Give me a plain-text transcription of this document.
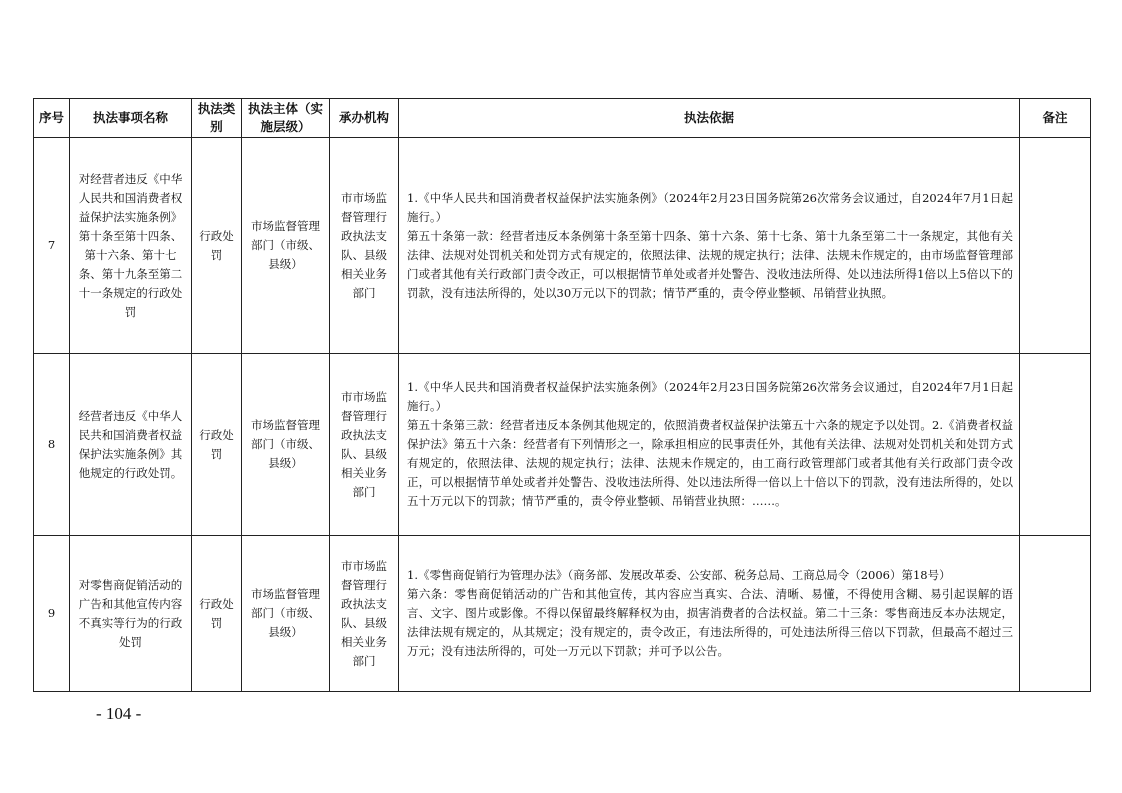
序号	执法事项名称	执法类别	执法主体（实施层级）	承办机构	执法依据	备注

7	对经营者违反《中华人民共和国消费者权益保护法实施条例》第十条至第十四条、第十六条、第十七条、第十九条至第二十一条规定的行政处罚	行政处罚	市场监督管理部门（市级、县级）	市市场监督管理行政执法支队、县级相关业务部门	1.《中华人民共和国消费者权益保护法实施条例》（2024年2月23日国务院第26次常务会议通过，自2024年7月1日起施行。）
第五十条第一款：经营者违反本条例第十条至第十四条、第十六条、第十七条、第十九条至第二十一条规定，其他有关法律、法规对处罚机关和处罚方式有规定的，依照法律、法规的规定执行；法律、法规未作规定的，由市场监督管理部门或者其他有关行政部门责令改正，可以根据情节单处或者并处警告、没收违法所得、处以违法所得1倍以上5倍以下的罚款，没有违法所得的，处以30万元以下的罚款；情节严重的，责令停业整顿、吊销营业执照。	

8	经营者违反《中华人民共和国消费者权益保护法实施条例》其他规定的行政处罚。	行政处罚	市场监督管理部门（市级、县级）	市市场监督管理行政执法支队、县级相关业务部门	1.《中华人民共和国消费者权益保护法实施条例》（2024年2月23日国务院第26次常务会议通过，自2024年7月1日起施行。）
第五十条第三款：经营者违反本条例其他规定的，依照消费者权益保护法第五十六条的规定予以处罚。2.《消费者权益保护法》第五十六条：经营者有下列情形之一，除承担相应的民事责任外，其他有关法律、法规对处罚机关和处罚方式有规定的，依照法律、法规的规定执行；法律、法规未作规定的，由工商行政管理部门或者其他有关行政部门责令改正，可以根据情节单处或者并处警告、没收违法所得、处以违法所得一倍以上十倍以下的罚款，没有违法所得的，处以五十万元以下的罚款；情节严重的，责令停业整顿、吊销营业执照：……。	

9	对零售商促销活动的广告和其他宣传内容不真实等行为的行政处罚	行政处罚	市场监督管理部门（市级、县级）	市市场监督管理行政执法支队、县级相关业务部门	1.《零售商促销行为管理办法》（商务部、发展改革委、公安部、税务总局、工商总局令（2006）第18号）
第六条：零售商促销活动的广告和其他宣传，其内容应当真实、合法、清晰、易懂，不得使用含糊、易引起误解的语言、文字、图片或影像。不得以保留最终解释权为由，损害消费者的合法权益。第二十三条：零售商违反本办法规定，法律法规有规定的，从其规定；没有规定的，责令改正，有违法所得的，可处违法所得三倍以下罚款，但最高不超过三万元；没有违法所得的，可处一万元以下罚款；并可予以公告。	

- 104 -
